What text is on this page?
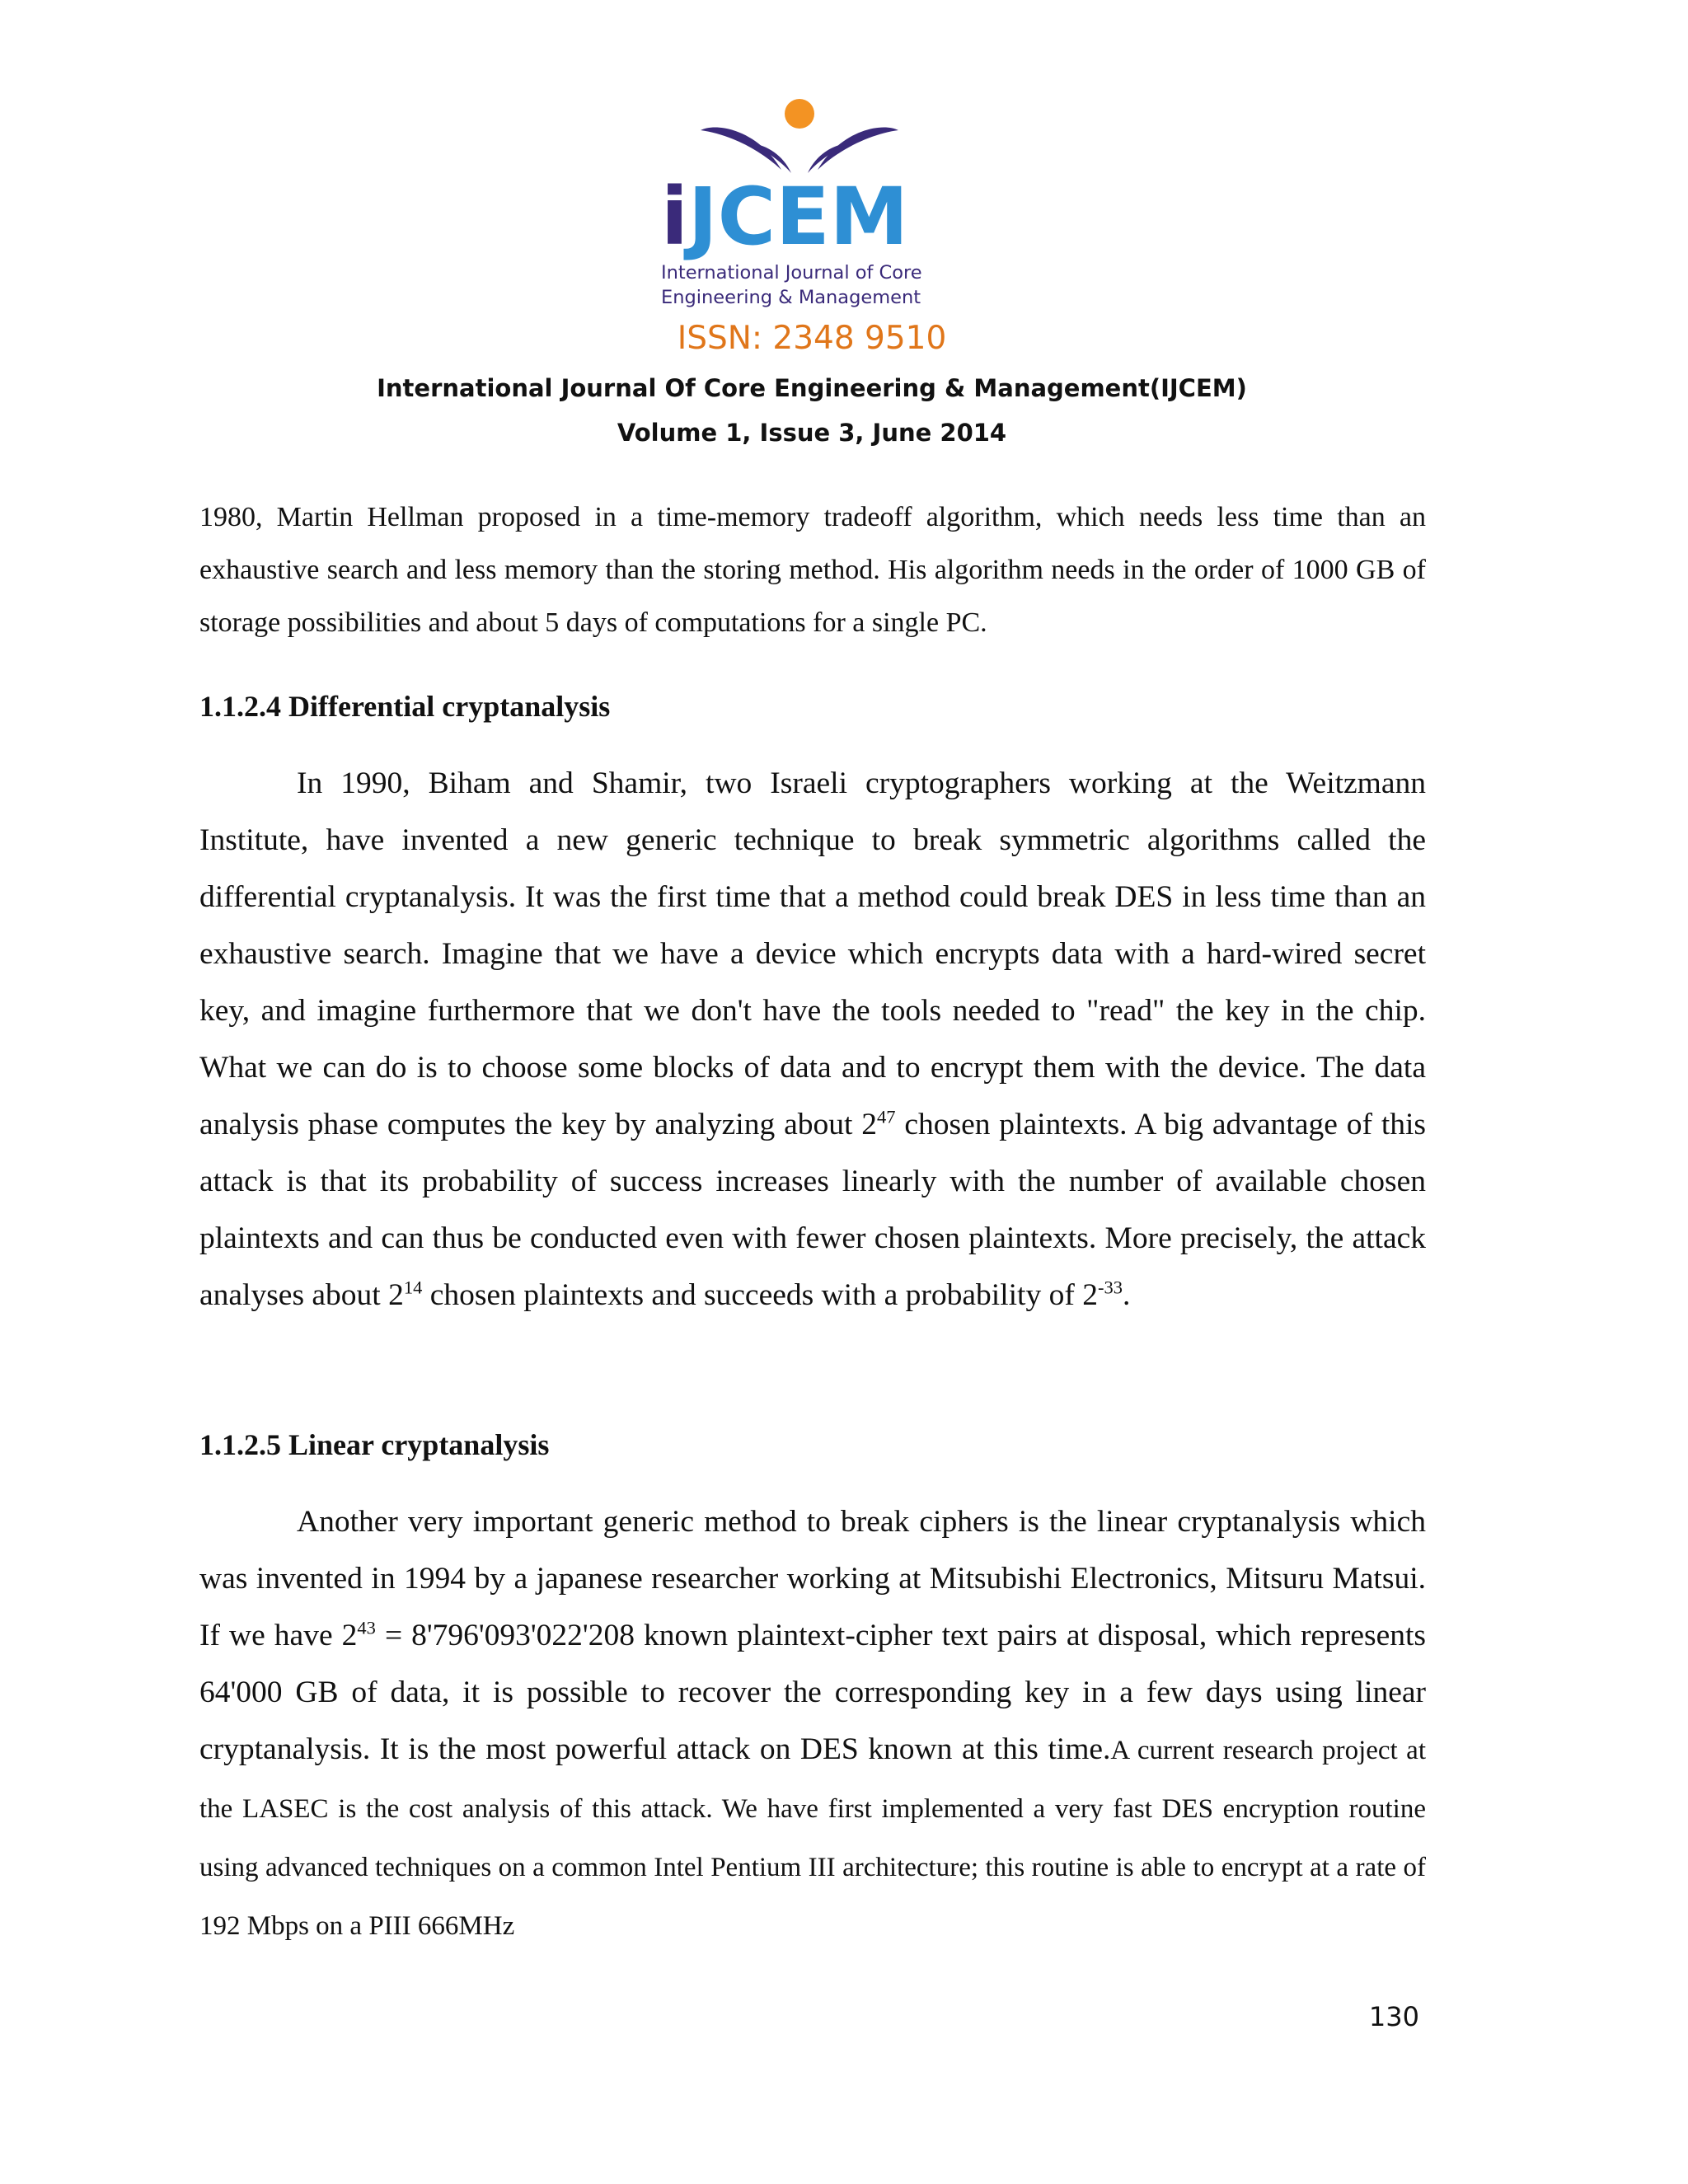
iJCEM
International Journal of Core
Engineering & Management
ISSN: 2348 9510
International Journal Of Core Engineering & Management(IJCEM)
Volume 1, Issue 3, June 2014

1980, Martin Hellman proposed in a time-memory tradeoff algorithm, which needs less time than an exhaustive search and less memory than the storing method. His algorithm needs in the order of 1000 GB of storage possibilities and about 5 days of computations for a single PC.

1.1.2.4 Differential cryptanalysis

In 1990, Biham and Shamir, two Israeli cryptographers working at the Weitzmann Institute, have invented a new generic technique to break symmetric algorithms called the differential cryptanalysis. It was the first time that a method could break DES in less time than an exhaustive search. Imagine that we have a device which encrypts data with a hard-wired secret key, and imagine furthermore that we don't have the tools needed to "read" the key in the chip. What we can do is to choose some blocks of data and to encrypt them with the device. The data analysis phase computes the key by analyzing about $2^{47}$ chosen plaintexts. A big advantage of this attack is that its probability of success increases linearly with the number of available chosen plaintexts and can thus be conducted even with fewer chosen plaintexts. More precisely, the attack analyses about $2^{14}$ chosen plaintexts and succeeds with a probability of $2^{-33}$.

1.1.2.5 Linear cryptanalysis

Another very important generic method to break ciphers is the linear cryptanalysis which was invented in 1994 by a japanese researcher working at Mitsubishi Electronics, Mitsuru Matsui. If we have $2^{43} = 8'796'093'022'208$ known plaintext-cipher text pairs at disposal, which represents 64'000 GB of data, it is possible to recover the corresponding key in a few days using linear cryptanalysis. It is the most powerful attack on DES known at this time.A current research project at the LASEC is the cost analysis of this attack. We have first implemented a very fast DES encryption routine using advanced techniques on a common Intel Pentium III architecture; this routine is able to encrypt at a rate of 192 Mbps on a PIII 666MHz

130
